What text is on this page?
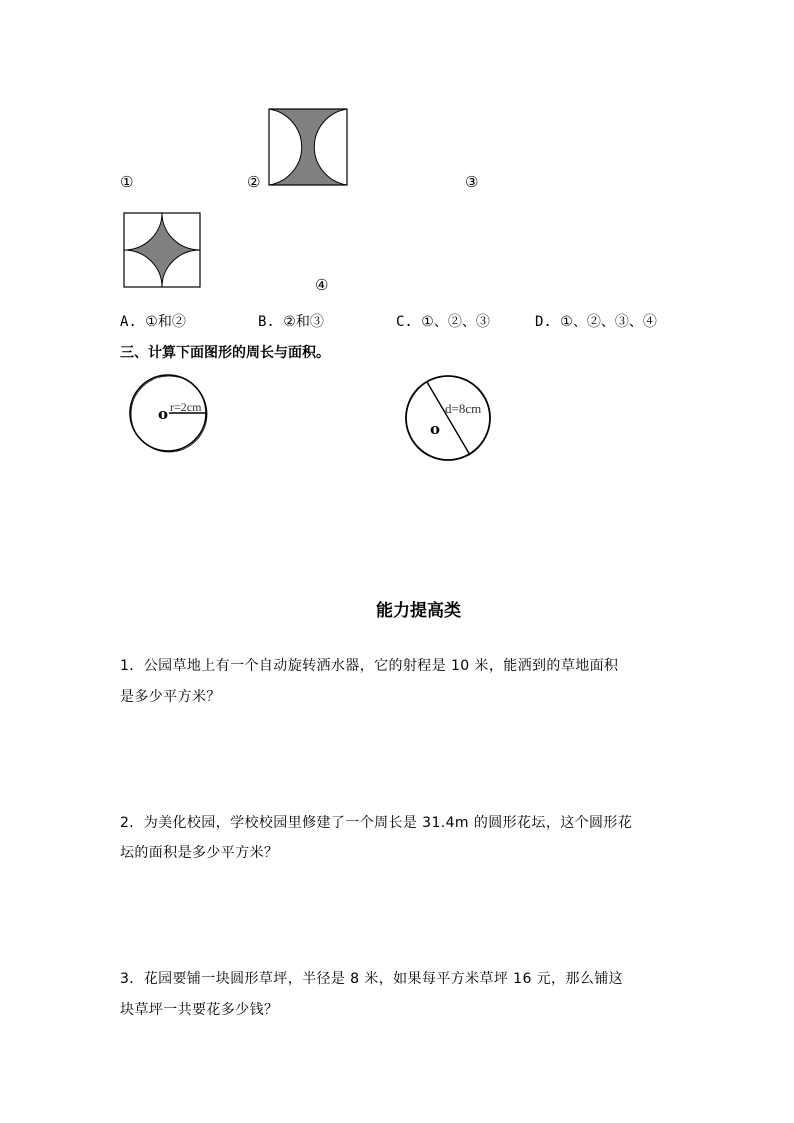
①	②	③
④
A. ①和②	B. ②和③	C. ①、②、③	D. ①、②、③、④
三、计算下面图形的周长与面积。
o r=2cm
o
d=8cm
能力提高类
1．公园草地上有一个自动旋转洒水器，它的射程是 10 米，能洒到的草地面积
是多少平方米？
2．为美化校园，学校校园里修建了一个周长是 31.4m 的圆形花坛，这个圆形花
坛的面积是多少平方米？
3．花园要铺一块圆形草坪，半径是 8 米，如果每平方米草坪 16 元，那么铺这
块草坪一共要花多少钱？
